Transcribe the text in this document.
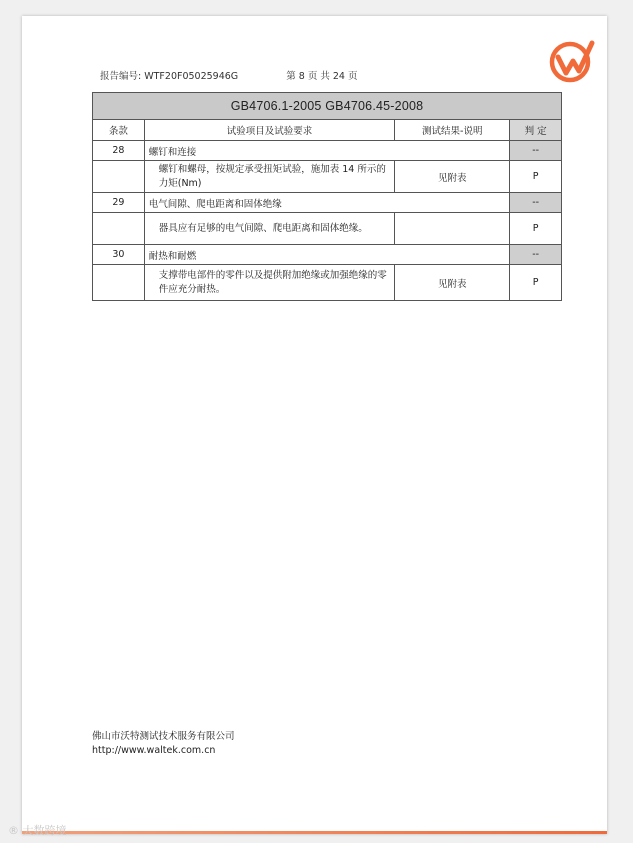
报告编号: WTF20F05025946G	第 8 页 共 24 页
GB4706.1-2005 GB4706.45-2008			
条款	试验项目及试验要求	测试结果-说明	判 定
28	螺钉和连接		--

	螺钉和螺母，按规定承受扭矩试验，施加表 14 所示的力矩(Nm)	见附表	P
29	电气间隙、爬电距离和固体绝缘		--

	器具应有足够的电气间隙、爬电距离和固体绝缘。		P
30	耐热和耐燃		--

	支撑带电部件的零件以及提供附加绝缘或加强绝缘的零件应充分耐热。	见附表	P
佛山市沃特测试技术服务有限公司
http://www.waltek.com.cn
® 大数跨境
